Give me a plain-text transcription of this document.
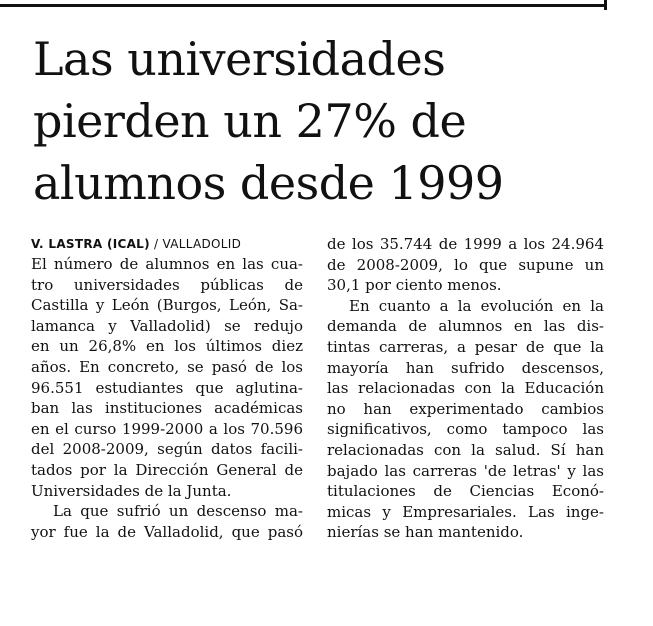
Las universidades
pierden un 27% de
alumnos desde 1999
V. LASTRA (ICAL) / VALLADOLID
El número de alumnos en las cua-
tro universidades públicas de
Castilla y León (Burgos, León, Sa-
lamanca y Valladolid) se redujo
en un 26,8% en los últimos diez
años. En concreto, se pasó de los
96.551 estudiantes que aglutina-
ban las instituciones académicas
en el curso 1999-2000 a los 70.596
del 2008-2009, según datos facili-
tados por la Dirección General de
Universidades de la Junta.
La que sufrió un descenso ma-
yor fue la de Valladolid, que pasó
de los 35.744 de 1999 a los 24.964
de 2008-2009, lo que supune un
30,1 por ciento menos.
En cuanto a la evolución en la
demanda de alumnos en las dis-
tintas carreras, a pesar de que la
mayoría han sufrido descensos,
las relacionadas con la Educación
no han experimentado cambios
significativos, como tampoco las
relacionadas con la salud. Sí han
bajado las carreras 'de letras' y las
titulaciones de Ciencias Econó-
micas y Empresariales. Las inge-
nierías se han mantenido.
